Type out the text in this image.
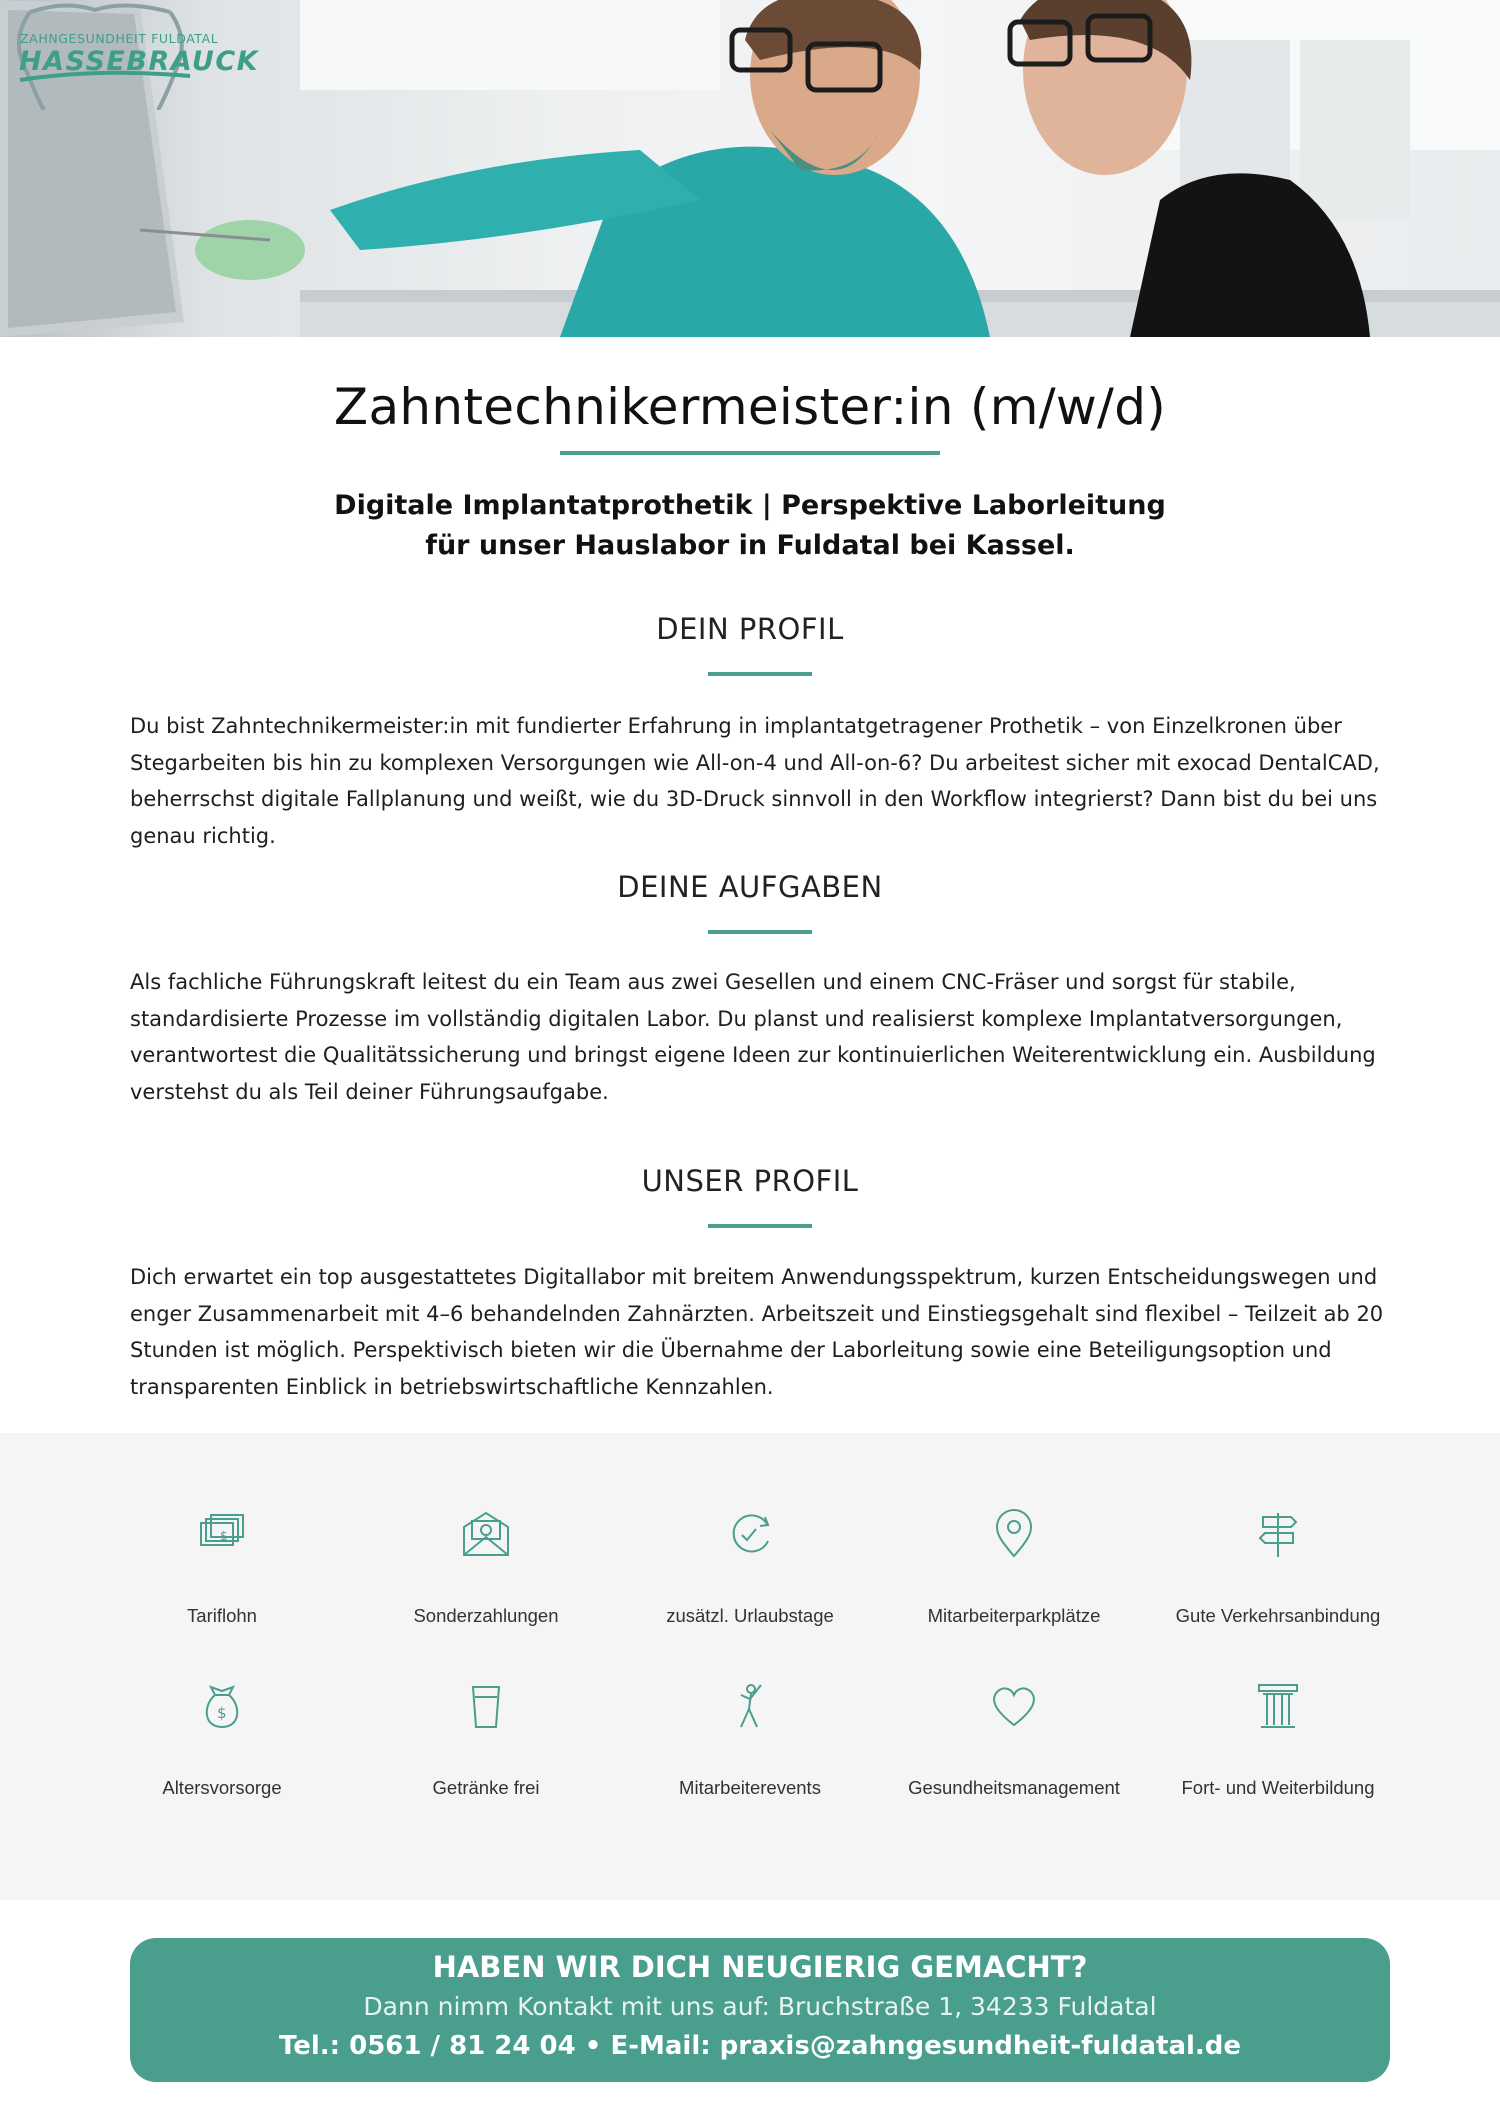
ZAHNGESUNDHEIT FULDATAL
HASSEBRAUCK
Zahntechnikermeister:in (m/w/d)
Digitale Implantatprothetik | Perspektive Laborleitung
für unser Hauslabor in Fuldatal bei Kassel.
DEIN PROFIL
Du bist Zahntechnikermeister:in mit fundierter Erfahrung in implantatgetragener Prothetik – von Einzelkronen über Stegarbeiten bis hin zu komplexen Versorgungen wie All-on-4 und All-on-6? Du arbeitest sicher mit exocad DentalCAD, beherrschst digitale Fallplanung und weißt, wie du 3D-Druck sinnvoll in den Workflow integrierst? Dann bist du bei uns genau richtig.
DEINE AUFGABEN
Als fachliche Führungskraft leitest du ein Team aus zwei Gesellen und einem CNC-Fräser und sorgst für stabile, standardisierte Prozesse im vollständig digitalen Labor. Du planst und realisierst komplexe Implantatversorgungen, verantwortest die Qualitätssicherung und bringst eigene Ideen zur kontinuierlichen Weiterentwicklung ein. Ausbildung verstehst du als Teil deiner Führungsaufgabe.
UNSER PROFIL
Dich erwartet ein top ausgestattetes Digitallabor mit breitem Anwendungsspektrum, kurzen Entscheidungswegen und enger Zusammenarbeit mit 4–6 behandelnden Zahnärzten. Arbeitszeit und Einstiegsgehalt sind flexibel – Teilzeit ab 20 Stunden ist möglich. Perspektivisch bieten wir die Übernahme der Laborleitung sowie eine Beteiligungsoption und transparenten Einblick in betriebswirtschaftliche Kennzahlen.
$
Tariflohn	Sonderzahlungen	zusätzl. Urlaubstage	Mitarbeiterparkplätze	Gute Verkehrsanbindung
$
Altersvorsorge	Getränke frei	Mitarbeiterevents	Gesundheitsmanagement	Fort- und Weiterbildung
HABEN WIR DICH NEUGIERIG GEMACHT?
Dann nimm Kontakt mit uns auf: Bruchstraße 1, 34233 Fuldatal
Tel.: 0561 / 81 24 04 • E-Mail: praxis@zahngesundheit-fuldatal.de
